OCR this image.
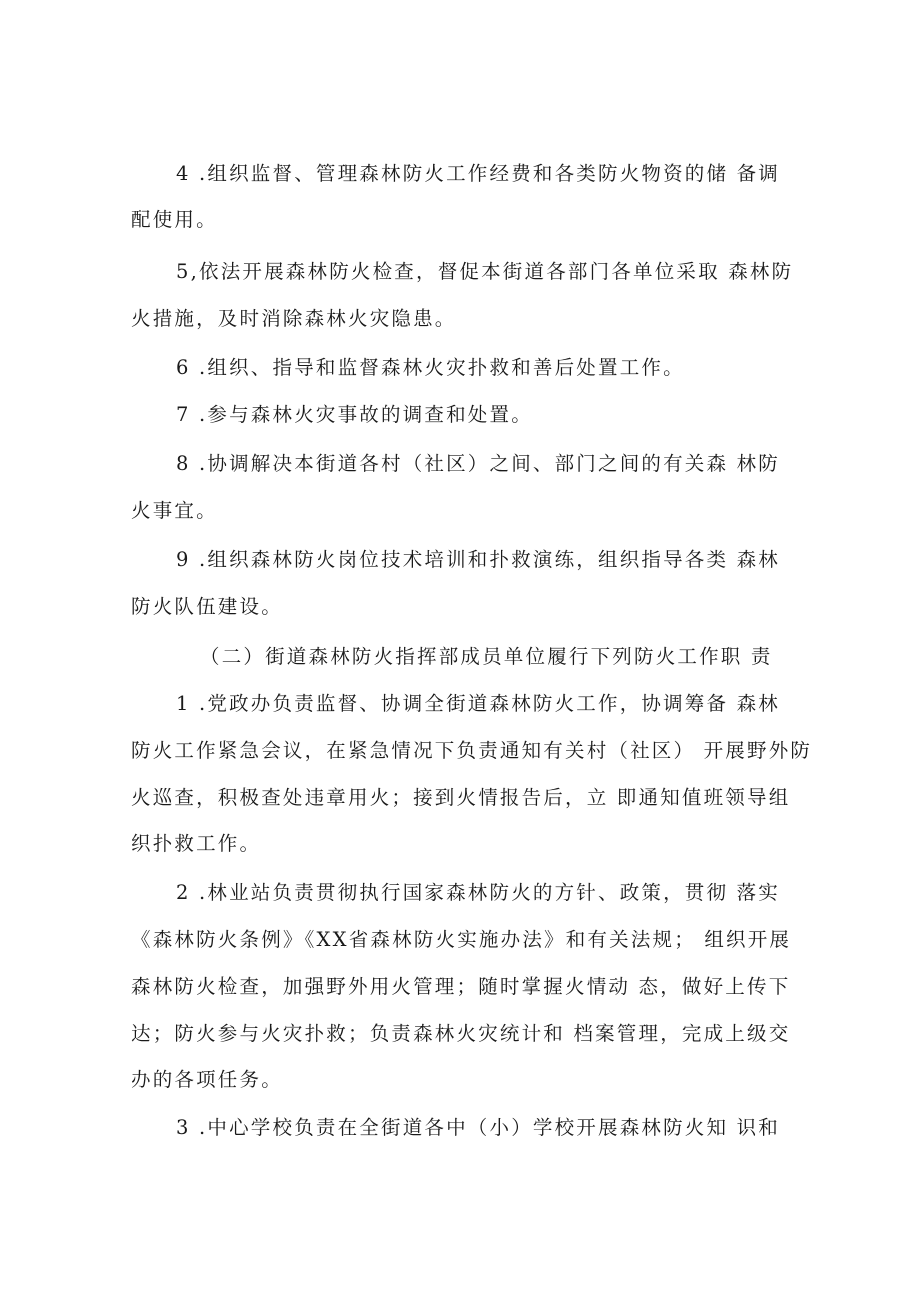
4 .组织监督、管理森林防火工作经费和各类防火物资的储 备调
配使用。
5,依法开展森林防火检查，督促本街道各部门各单位采取 森林防
火措施，及时消除森林火灾隐患。
6 .组织、指导和监督森林火灾扑救和善后处置工作。
7 .参与森林火灾事故的调查和处置。
8 .协调解决本街道各村（社区）之间、部门之间的有关森 林防
火事宜。
9 .组织森林防火岗位技术培训和扑救演练，组织指导各类 森林
防火队伍建设。
（二）街道森林防火指挥部成员单位履行下列防火工作职 责
1 .党政办负责监督、协调全街道森林防火工作，协调筹备 森林
防火工作紧急会议，在紧急情况下负责通知有关村（社区） 开展野外防
火巡查，积极查处违章用火；接到火情报告后，立 即通知值班领导组
织扑救工作。
2 .林业站负责贯彻执行国家森林防火的方针、政策，贯彻 落实
《森林防火条例》《XX省森林防火实施办法》和有关法规； 组织开展
森林防火检查，加强野外用火管理；随时掌握火情动 态，做好上传下
达；防火参与火灾扑救；负责森林火灾统计和 档案管理，完成上级交
办的各项任务。
3 .中心学校负责在全街道各中（小）学校开展森林防火知 识和
